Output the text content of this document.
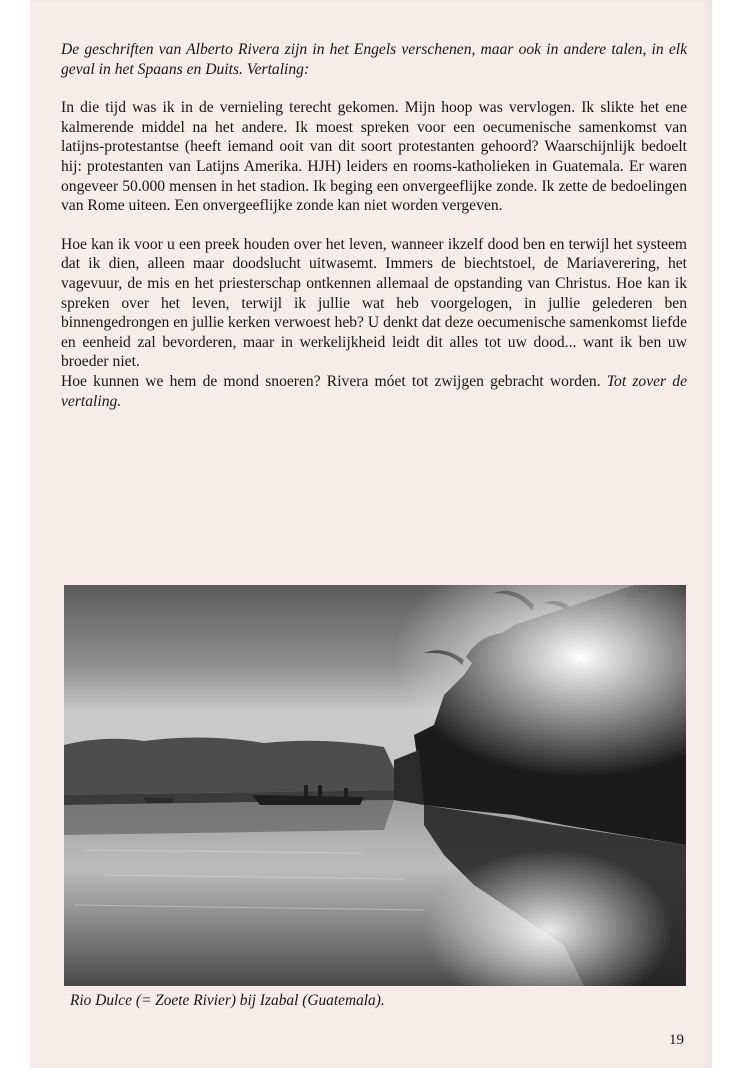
De geschriften van Alberto Rivera zijn in het Engels verschenen, maar ook in andere talen, in elk geval in het Spaans en Duits. Vertaling:

In die tijd was ik in de vernieling terecht gekomen. Mijn hoop was vervlogen. Ik slikte het ene kalmerende middel na het andere. Ik moest spreken voor een oecumenische samenkomst van latijns-protestantse (heeft iemand ooit van dit soort protestanten gehoord? Waarschijnlijk bedoelt hij: protestanten van Latijns Amerika. HJH) leiders en rooms-katholieken in Guatemala. Er waren ongeveer 50.000 mensen in het stadion. Ik beging een onvergeeflijke zonde. Ik zette de bedoelingen van Rome uiteen. Een onvergeeflijke zonde kan niet worden vergeven.

Hoe kan ik voor u een preek houden over het leven, wanneer ikzelf dood ben en terwijl het systeem dat ik dien, alleen maar doodslucht uitwasemt. Immers de biechtstoel, de Mariaverering, het vagevuur, de mis en het priesterschap ontkennen allemaal de opstanding van Christus. Hoe kan ik spreken over het leven, terwijl ik jullie wat heb voorgelogen, in jullie gelederen ben binnengedrongen en jullie kerken verwoest heb? U denkt dat deze oecumenische samenkomst liefde en eenheid zal bevorderen, maar in werkelijkheid leidt dit alles tot uw dood... want ik ben uw broeder niet.

Hoe kunnen we hem de mond snoeren? Rivera móet tot zwijgen gebracht worden. Tot zover de vertaling.

Rio Dulce (= Zoete Rivier) bij Izabal (Guatemala).
19
